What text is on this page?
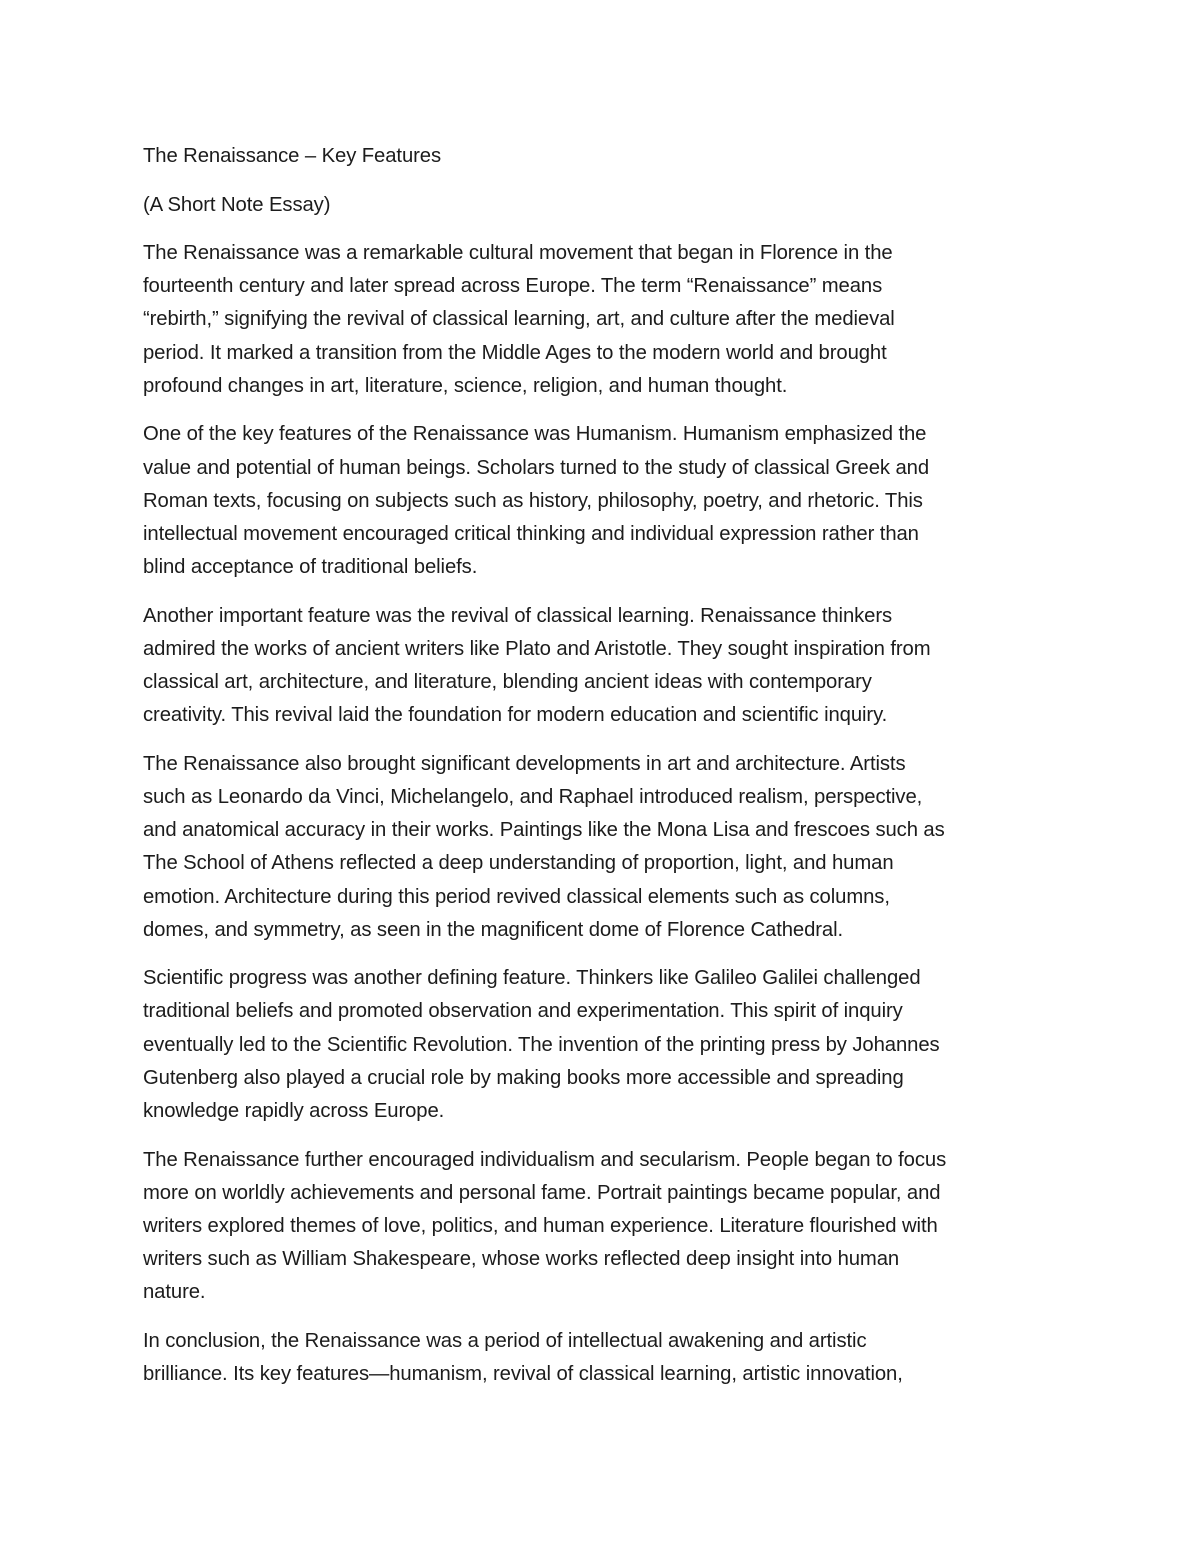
The Renaissance – Key Features

(A Short Note Essay)

The Renaissance was a remarkable cultural movement that began in Florence in the
fourteenth century and later spread across Europe. The term “Renaissance” means
“rebirth,” signifying the revival of classical learning, art, and culture after the medieval
period. It marked a transition from the Middle Ages to the modern world and brought
profound changes in art, literature, science, religion, and human thought.

One of the key features of the Renaissance was Humanism. Humanism emphasized the
value and potential of human beings. Scholars turned to the study of classical Greek and
Roman texts, focusing on subjects such as history, philosophy, poetry, and rhetoric. This
intellectual movement encouraged critical thinking and individual expression rather than
blind acceptance of traditional beliefs.

Another important feature was the revival of classical learning. Renaissance thinkers
admired the works of ancient writers like Plato and Aristotle. They sought inspiration from
classical art, architecture, and literature, blending ancient ideas with contemporary
creativity. This revival laid the foundation for modern education and scientific inquiry.

The Renaissance also brought significant developments in art and architecture. Artists
such as Leonardo da Vinci, Michelangelo, and Raphael introduced realism, perspective,
and anatomical accuracy in their works. Paintings like the Mona Lisa and frescoes such as
The School of Athens reflected a deep understanding of proportion, light, and human
emotion. Architecture during this period revived classical elements such as columns,
domes, and symmetry, as seen in the magnificent dome of Florence Cathedral.

Scientific progress was another defining feature. Thinkers like Galileo Galilei challenged
traditional beliefs and promoted observation and experimentation. This spirit of inquiry
eventually led to the Scientific Revolution. The invention of the printing press by Johannes
Gutenberg also played a crucial role by making books more accessible and spreading
knowledge rapidly across Europe.

The Renaissance further encouraged individualism and secularism. People began to focus
more on worldly achievements and personal fame. Portrait paintings became popular, and
writers explored themes of love, politics, and human experience. Literature flourished with
writers such as William Shakespeare, whose works reflected deep insight into human
nature.

In conclusion, the Renaissance was a period of intellectual awakening and artistic
brilliance. Its key features—humanism, revival of classical learning, artistic innovation,
